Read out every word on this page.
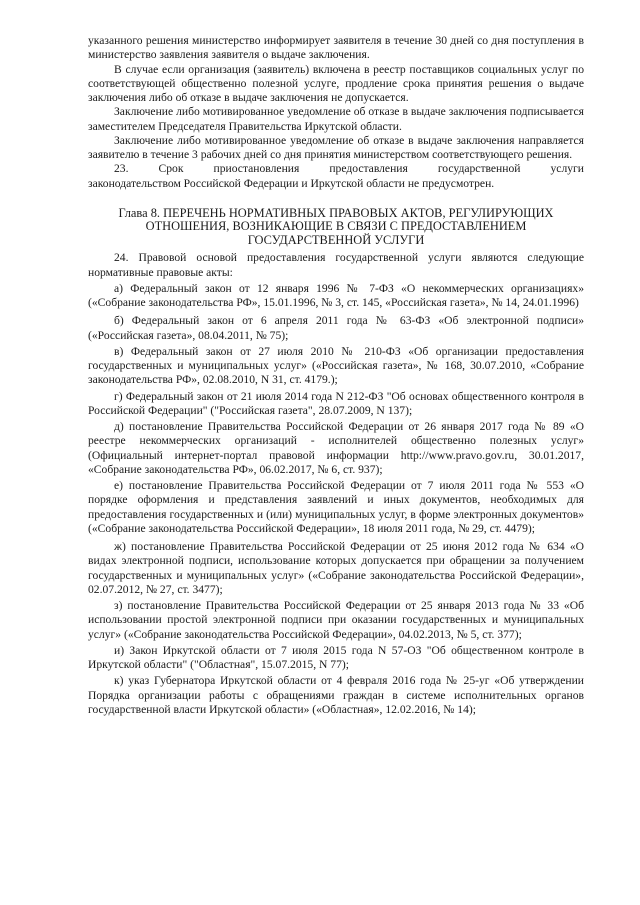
указанного решения министерство информирует заявителя в течение 30 дней со дня поступления в министерство заявления заявителя о выдаче заключения.

В случае если организация (заявитель) включена в реестр поставщиков социальных услуг по соответствующей общественно полезной услуге, продление срока принятия решения о выдаче заключения либо об отказе в выдаче заключения не допускается.

Заключение либо мотивированное уведомление об отказе в выдаче заключения подписывается заместителем Председателя Правительства Иркутской области.

Заключение либо мотивированное уведомление об отказе в выдаче заключения направляется заявителю в течение 3 рабочих дней со дня принятия министерством соответствующего решения.

23. Срок приостановления предоставления государственной услуги

законодательством Российской Федерации и Иркутской области не предусмотрен.

Глава 8. ПЕРЕЧЕНЬ НОРМАТИВНЫХ ПРАВОВЫХ АКТОВ, РЕГУЛИРУЮЩИХ ОТНОШЕНИЯ, ВОЗНИКАЮЩИЕ В СВЯЗИ С ПРЕДОСТАВЛЕНИЕМ ГОСУДАРСТВЕННОЙ УСЛУГИ

24. Правовой основой предоставления государственной услуги являются следующие нормативные правовые акты:

а) Федеральный закон от 12 января 1996 № 7-ФЗ «О некоммерческих организациях» («Собрание законодательства РФ», 15.01.1996, № 3, ст. 145, «Российская газета», № 14, 24.01.1996)

б) Федеральный закон от 6 апреля 2011 года № 63-ФЗ «Об электронной подписи» («Российская газета», 08.04.2011, № 75);

в) Федеральный закон от 27 июля 2010 № 210-ФЗ «Об организации предоставления государственных и муниципальных услуг» («Российская газета», № 168, 30.07.2010, «Собрание законодательства РФ», 02.08.2010, N 31, ст. 4179.);

г) Федеральный закон от 21 июля 2014 года N 212-ФЗ "Об основах общественного контроля в Российской Федерации" ("Российская газета", 28.07.2009, N 137);

д) постановление Правительства Российской Федерации от 26 января 2017 года № 89 «О реестре некоммерческих организаций - исполнителей общественно полезных услуг» (Официальный интернет-портал правовой информации http://www.pravo.gov.ru, 30.01.2017, «Собрание законодательства РФ», 06.02.2017, № 6, ст. 937);

е) постановление Правительства Российской Федерации от 7 июля 2011 года № 553 «О порядке оформления и представления заявлений и иных документов, необходимых для предоставления государственных и (или) муниципальных услуг, в форме электронных документов» («Собрание законодательства Российской Федерации», 18 июля 2011 года, № 29, ст. 4479);

ж) постановление Правительства Российской Федерации от 25 июня 2012 года № 634 «О видах электронной подписи, использование которых допускается при обращении за получением государственных и муниципальных услуг» («Собрание законодательства Российской Федерации», 02.07.2012, № 27, ст. 3477);

з) постановление Правительства Российской Федерации от 25 января 2013 года № 33 «Об использовании простой электронной подписи при оказании государственных и муниципальных услуг» («Собрание законодательства Российской Федерации», 04.02.2013, № 5, ст. 377);

и) Закон Иркутской области от 7 июля 2015 года N 57-ОЗ "Об общественном контроле в Иркутской области" ("Областная", 15.07.2015, N 77);

к) указ Губернатора Иркутской области от 4 февраля 2016 года № 25-уг «Об утверждении Порядка организации работы с обращениями граждан в системе исполнительных органов государственной власти Иркутской области» («Областная», 12.02.2016, № 14);
